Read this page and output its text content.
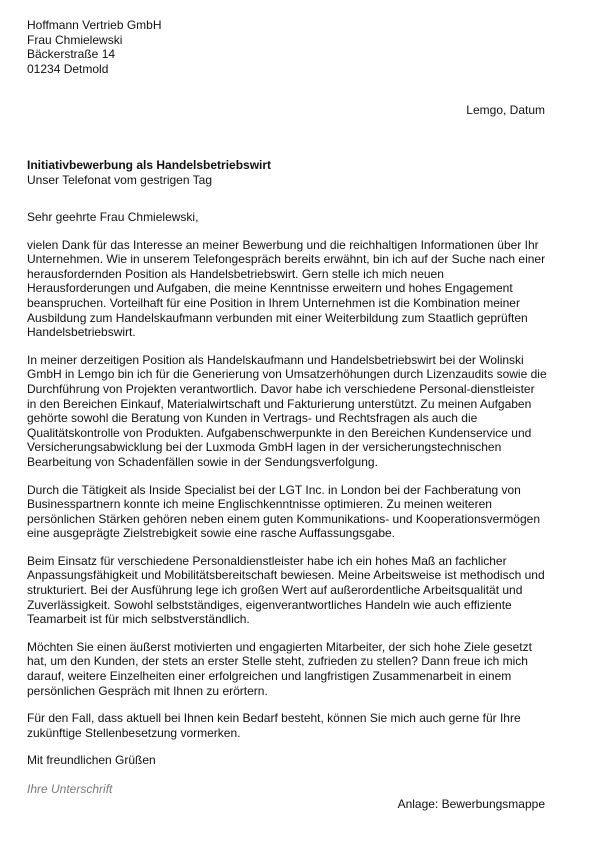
Hoffmann Vertrieb GmbH
Frau Chmielewski
Bäckerstraße 14
01234 Detmold
Lemgo, Datum
Initiativbewerbung als Handelsbetriebswirt
Unser Telefonat vom gestrigen Tag

Sehr geehrte Frau Chmielewski,

vielen Dank für das Interesse an meiner Bewerbung und die reichhaltigen Informationen über Ihr Unternehmen. Wie in unserem Telefongespräch bereits erwähnt, bin ich auf der Suche nach einer herausfordernden Position als Handelsbetriebswirt. Gern stelle ich mich neuen Herausforderungen und Aufgaben, die meine Kenntnisse erweitern und hohes Engagement beanspruchen. Vorteilhaft für eine Position in Ihrem Unternehmen ist die Kombination meiner Ausbildung zum Handelskaufmann verbunden mit einer Weiterbildung zum Staatlich geprüften Handelsbetriebswirt.

In meiner derzeitigen Position als Handelskaufmann und Handelsbetriebswirt bei der Wolinski GmbH in Lemgo bin ich für die Generierung von Umsatzerhöhungen durch Lizenzaudits sowie die Durchführung von Projekten verantwortlich. Davor habe ich verschiedene Personal-dienstleister in den Bereichen Einkauf, Materialwirtschaft und Fakturierung unterstützt. Zu meinen Aufgaben gehörte sowohl die Beratung von Kunden in Vertrags- und Rechtsfragen als auch die Qualitätskontrolle von Produkten. Aufgabenschwerpunkte in den Bereichen Kundenservice und Versicherungsabwicklung bei der Luxmoda GmbH lagen in der versicherungstechnischen Bearbeitung von Schadenfällen sowie in der Sendungsverfolgung.

Durch die Tätigkeit als Inside Specialist bei der LGT Inc. in London bei der Fachberatung von Businesspartnern konnte ich meine Englischkenntnisse optimieren. Zu meinen weiteren persönlichen Stärken gehören neben einem guten Kommunikations- und Kooperationsvermögen eine ausgeprägte Zielstrebigkeit sowie eine rasche Auffassungsgabe.

Beim Einsatz für verschiedene Personaldienstleister habe ich ein hohes Maß an fachlicher Anpassungsfähigkeit und Mobilitätsbereitschaft bewiesen. Meine Arbeitsweise ist methodisch und strukturiert. Bei der Ausführung lege ich großen Wert auf außerordentliche Arbeitsqualität und Zuverlässigkeit. Sowohl selbstständiges, eigenverantwortliches Handeln wie auch effiziente Teamarbeit ist für mich selbstverständlich.

Möchten Sie einen äußerst motivierten und engagierten Mitarbeiter, der sich hohe Ziele gesetzt hat, um den Kunden, der stets an erster Stelle steht, zufrieden zu stellen? Dann freue ich mich darauf, weitere Einzelheiten einer erfolgreichen und langfristigen Zusammenarbeit in einem persönlichen Gespräch mit Ihnen zu erörtern.

Für den Fall, dass aktuell bei Ihnen kein Bedarf besteht, können Sie mich auch gerne für Ihre zukünftige Stellenbesetzung vormerken.

Mit freundlichen Grüßen

Ihre Unterschrift
Anlage: Bewerbungsmappe
